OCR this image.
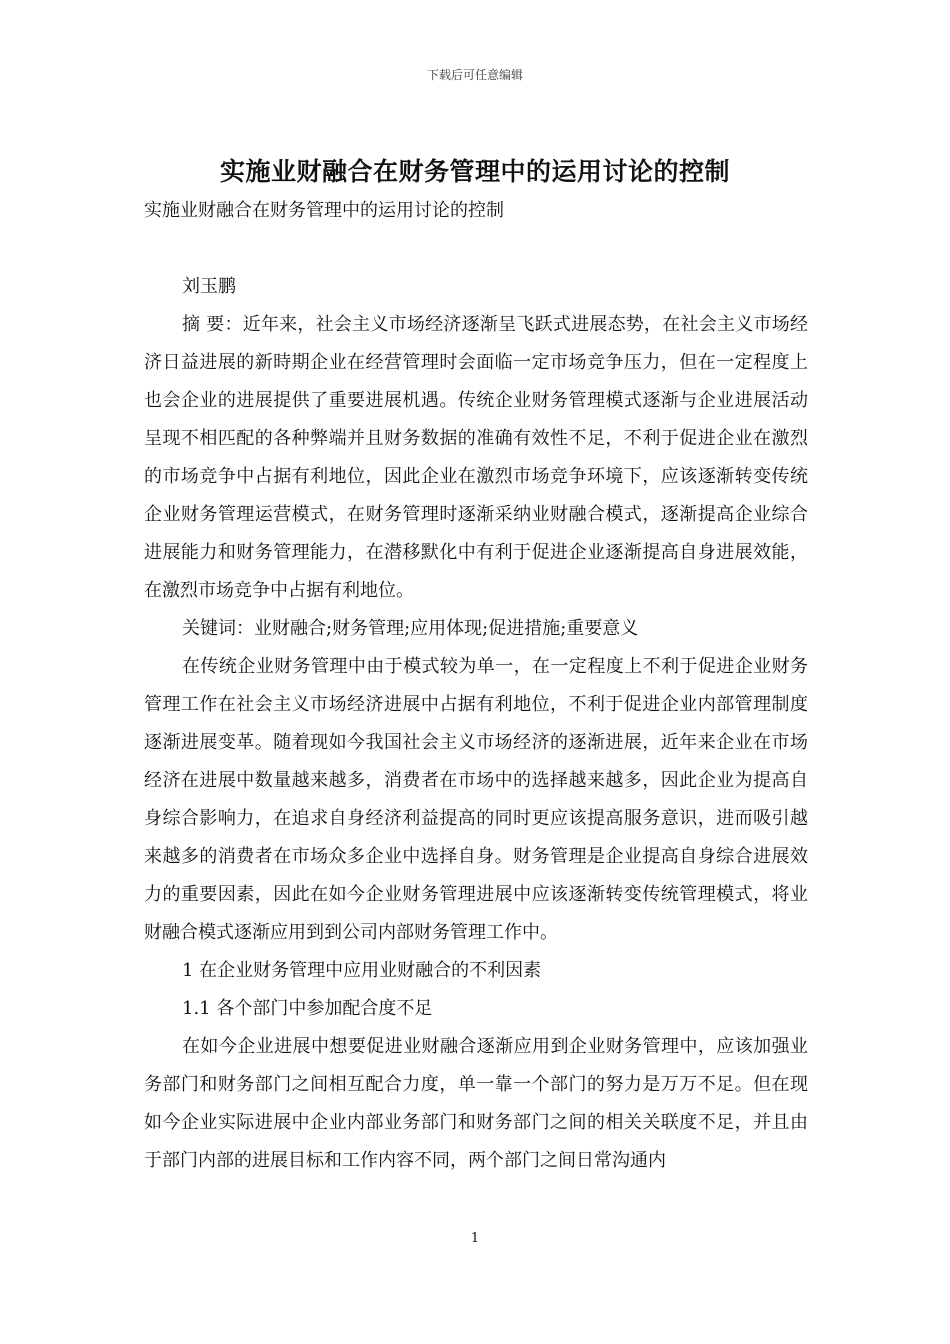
下载后可任意编辑
实施业财融合在财务管理中的运用讨论的控制

实施业财融合在财务管理中的运用讨论的控制

刘玉鹏

摘 要：近年来，社会主义市场经济逐渐呈飞跃式进展态势，在社会主义市场经济日益进展的新時期企业在经营管理时会面临一定市场竞争压力，但在一定程度上也会企业的进展提供了重要进展机遇。传统企业财务管理模式逐渐与企业进展活动呈现不相匹配的各种弊端并且财务数据的准确有效性不足，不利于促进企业在激烈的市场竞争中占据有利地位，因此企业在激烈市场竞争环境下，应该逐渐转变传统企业财务管理运营模式，在财务管理时逐渐采纳业财融合模式，逐渐提高企业综合进展能力和财务管理能力，在潜移默化中有利于促进企业逐渐提高自身进展效能，在激烈市场竞争中占据有利地位。

关键词：业财融合;财务管理;应用体现;促进措施;重要意义

在传统企业财务管理中由于模式较为单一，在一定程度上不利于促进企业财务管理工作在社会主义市场经济进展中占据有利地位，不利于促进企业内部管理制度逐渐进展变革。随着现如今我国社会主义市场经济的逐渐进展，近年来企业在市场经济在进展中数量越来越多，消费者在市场中的选择越来越多，因此企业为提高自身综合影响力，在追求自身经济利益提高的同时更应该提高服务意识，进而吸引越来越多的消费者在市场众多企业中选择自身。财务管理是企业提高自身综合进展效力的重要因素，因此在如今企业财务管理进展中应该逐渐转变传统管理模式，将业财融合模式逐渐应用到到公司内部财务管理工作中。

1 在企业财务管理中应用业财融合的不利因素

1.1 各个部门中参加配合度不足

在如今企业进展中想要促进业财融合逐渐应用到企业财务管理中，应该加强业务部门和财务部门之间相互配合力度，单一靠一个部门的努力是万万不足。但在现如今企业实际进展中企业内部业务部门和财务部门之间的相关关联度不足，并且由于部门内部的进展目标和工作内容不同，两个部门之间日常沟通内

1
